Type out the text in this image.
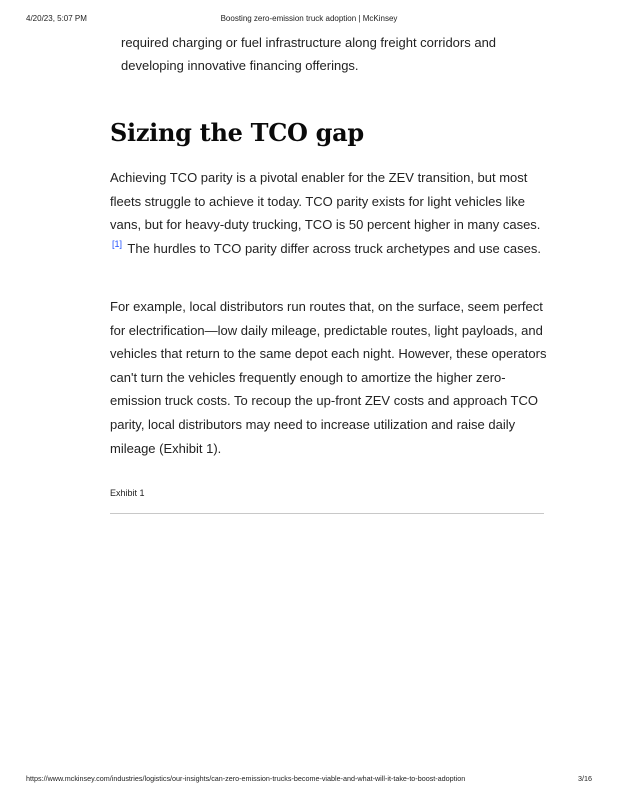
4/20/23, 5:07 PM	Boosting zero-emission truck adoption | McKinsey

required charging or fuel infrastructure along freight corridors and developing innovative financing offerings.

Sizing the TCO gap

Achieving TCO parity is a pivotal enabler for the ZEV transition, but most fleets struggle to achieve it today. TCO parity exists for light vehicles like vans, but for heavy-duty trucking, TCO is 50 percent higher in many cases. [1] The hurdles to TCO parity differ across truck archetypes and use cases.

For example, local distributors run routes that, on the surface, seem perfect for electrification—low daily mileage, predictable routes, light payloads, and vehicles that return to the same depot each night. However, these operators can't turn the vehicles frequently enough to amortize the higher zero-emission truck costs. To recoup the up-front ZEV costs and approach TCO parity, local distributors may need to increase utilization and raise daily mileage (Exhibit 1).

Exhibit 1
https://www.mckinsey.com/industries/logistics/our-insights/can-zero-emission-trucks-become-viable-and-what-will-it-take-to-boost-adoption	3/16
